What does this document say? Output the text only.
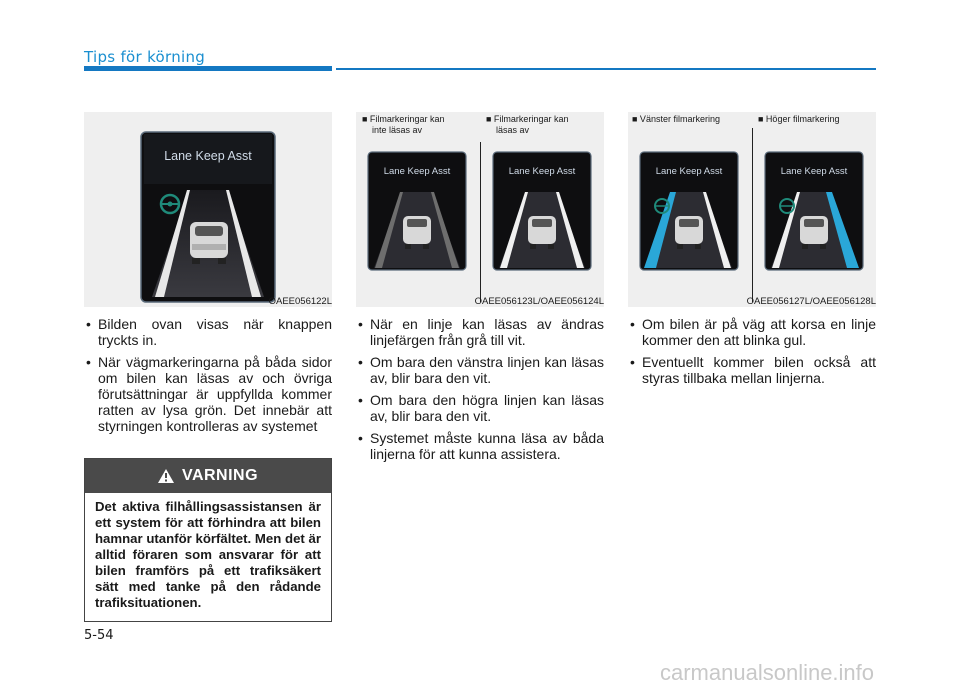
Tips för körning
Lane Keep Asst
OAEE056122L
■ Filmarkeringar kan
inte läsas av
■ Filmarkeringar kan
läsas av
Lane Keep Asst	Lane Keep Asst
OAEE056123L/OAEE056124L
■ Vänster filmarkering	■ Höger filmarkering
Lane Keep Asst	Lane Keep Asst
OAEE056127L/OAEE056128L
• Bilden ovan visas när knappen tryckts in.
• När vägmarkeringarna på båda sidor om bilen kan läsas av och övriga förutsättningar är uppfyllda kommer ratten av lysa grön. Det innebär att styrningen kontrolleras av systemet
• När en linje kan läsas av ändras linjefärgen från grå till vit.
• Om bara den vänstra linjen kan läsas av, blir bara den vit.
• Om bara den högra linjen kan läsas av, blir bara den vit.
• Systemet måste kunna läsa av båda linjerna för att kunna assistera.
• Om bilen är på väg att korsa en linje kommer den att blinka gul.
• Eventuellt kommer bilen också att styras tillbaka mellan linjerna.
VARNING
Det aktiva filhållingsassistansen är ett system för att förhindra att bilen hamnar utanför körfältet. Men det är alltid föraren som ansvarar för att bilen framförs på ett trafiksäkert sätt med tanke på den rådande trafiksituationen.
5-54
carmanualsonline.info
